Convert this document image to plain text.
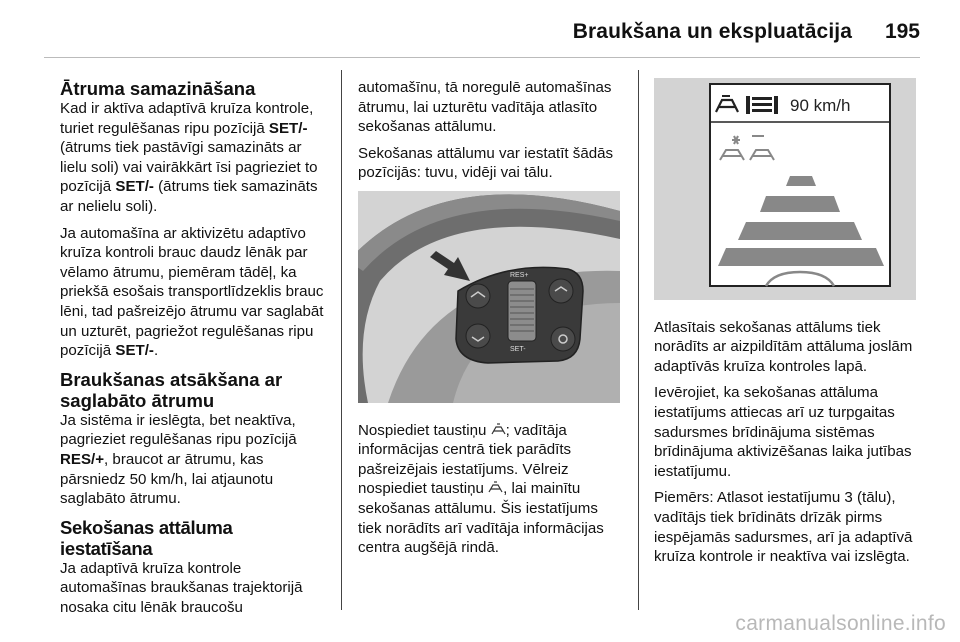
Braukšana un ekspluatācija 195
Ātruma samazināšana

Kad ir aktīva adaptīvā kruīza kontrole, turiet regulēšanas ripu pozīcijā SET/- (ātrums tiek pastāvīgi samazināts ar lielu soli) vai vairākkārt īsi pagrieziet to pozīcijā SET/- (ātrums tiek samazināts ar nelielu soli).

Ja automašīna ar aktivizētu adaptīvo kruīza kontroli brauc daudz lēnāk par vēlamo ātrumu, piemēram tādēļ, ka priekšā esošais transportlīdzeklis brauc lēni, tad pašreizējo ātrumu var saglabāt un uzturēt, pagriežot regulēšanas ripu pozīcijā SET/-.

Braukšanas atsākšana ar saglabāto ātrumu

Ja sistēma ir ieslēgta, bet neaktīva, pagrieziet regulēšanas ripu pozīcijā RES/+, braucot ar ātrumu, kas pārsniedz 50 km/h, lai atjaunotu saglabāto ātrumu.

Sekošanas attāluma iestatīšana

Ja adaptīvā kruīza kontrole automašīnas braukšanas trajektorijā nosaka citu lēnāk braucošu

automašīnu, tā noregulē automašīnas ātrumu, lai uzturētu vadītāja atlasīto sekošanas attālumu.

Sekošanas attālumu var iestatīt šādās pozīcijās: tuvu, vidēji vai tālu.

RES+
SET-

Nospiediet taustiņu ; vadītāja informācijas centrā tiek parādīts pašreizējais iestatījums. Vēlreiz nospiediet taustiņu , lai mainītu sekošanas attālumu. Šis iestatījums tiek norādīts arī vadītāja informācijas centra augšējā rindā.

90 km/h

Atlasītais sekošanas attālums tiek norādīts ar aizpildītām attāluma joslām adaptīvās kruīza kontroles lapā.

Ievērojiet, ka sekošanas attāluma iestatījums attiecas arī uz turpgaitas sadursmes brīdinājuma sistēmas brīdinājuma aktivizēšanas laika jutības iestatījumu.

Piemērs: Atlasot iestatījumu 3 (tālu), vadītājs tiek brīdināts drīzāk pirms iespējamās sadursmes, arī ja adaptīvā kruīza kontrole ir neaktīva vai izslēgta.

carmanualsonline.info
